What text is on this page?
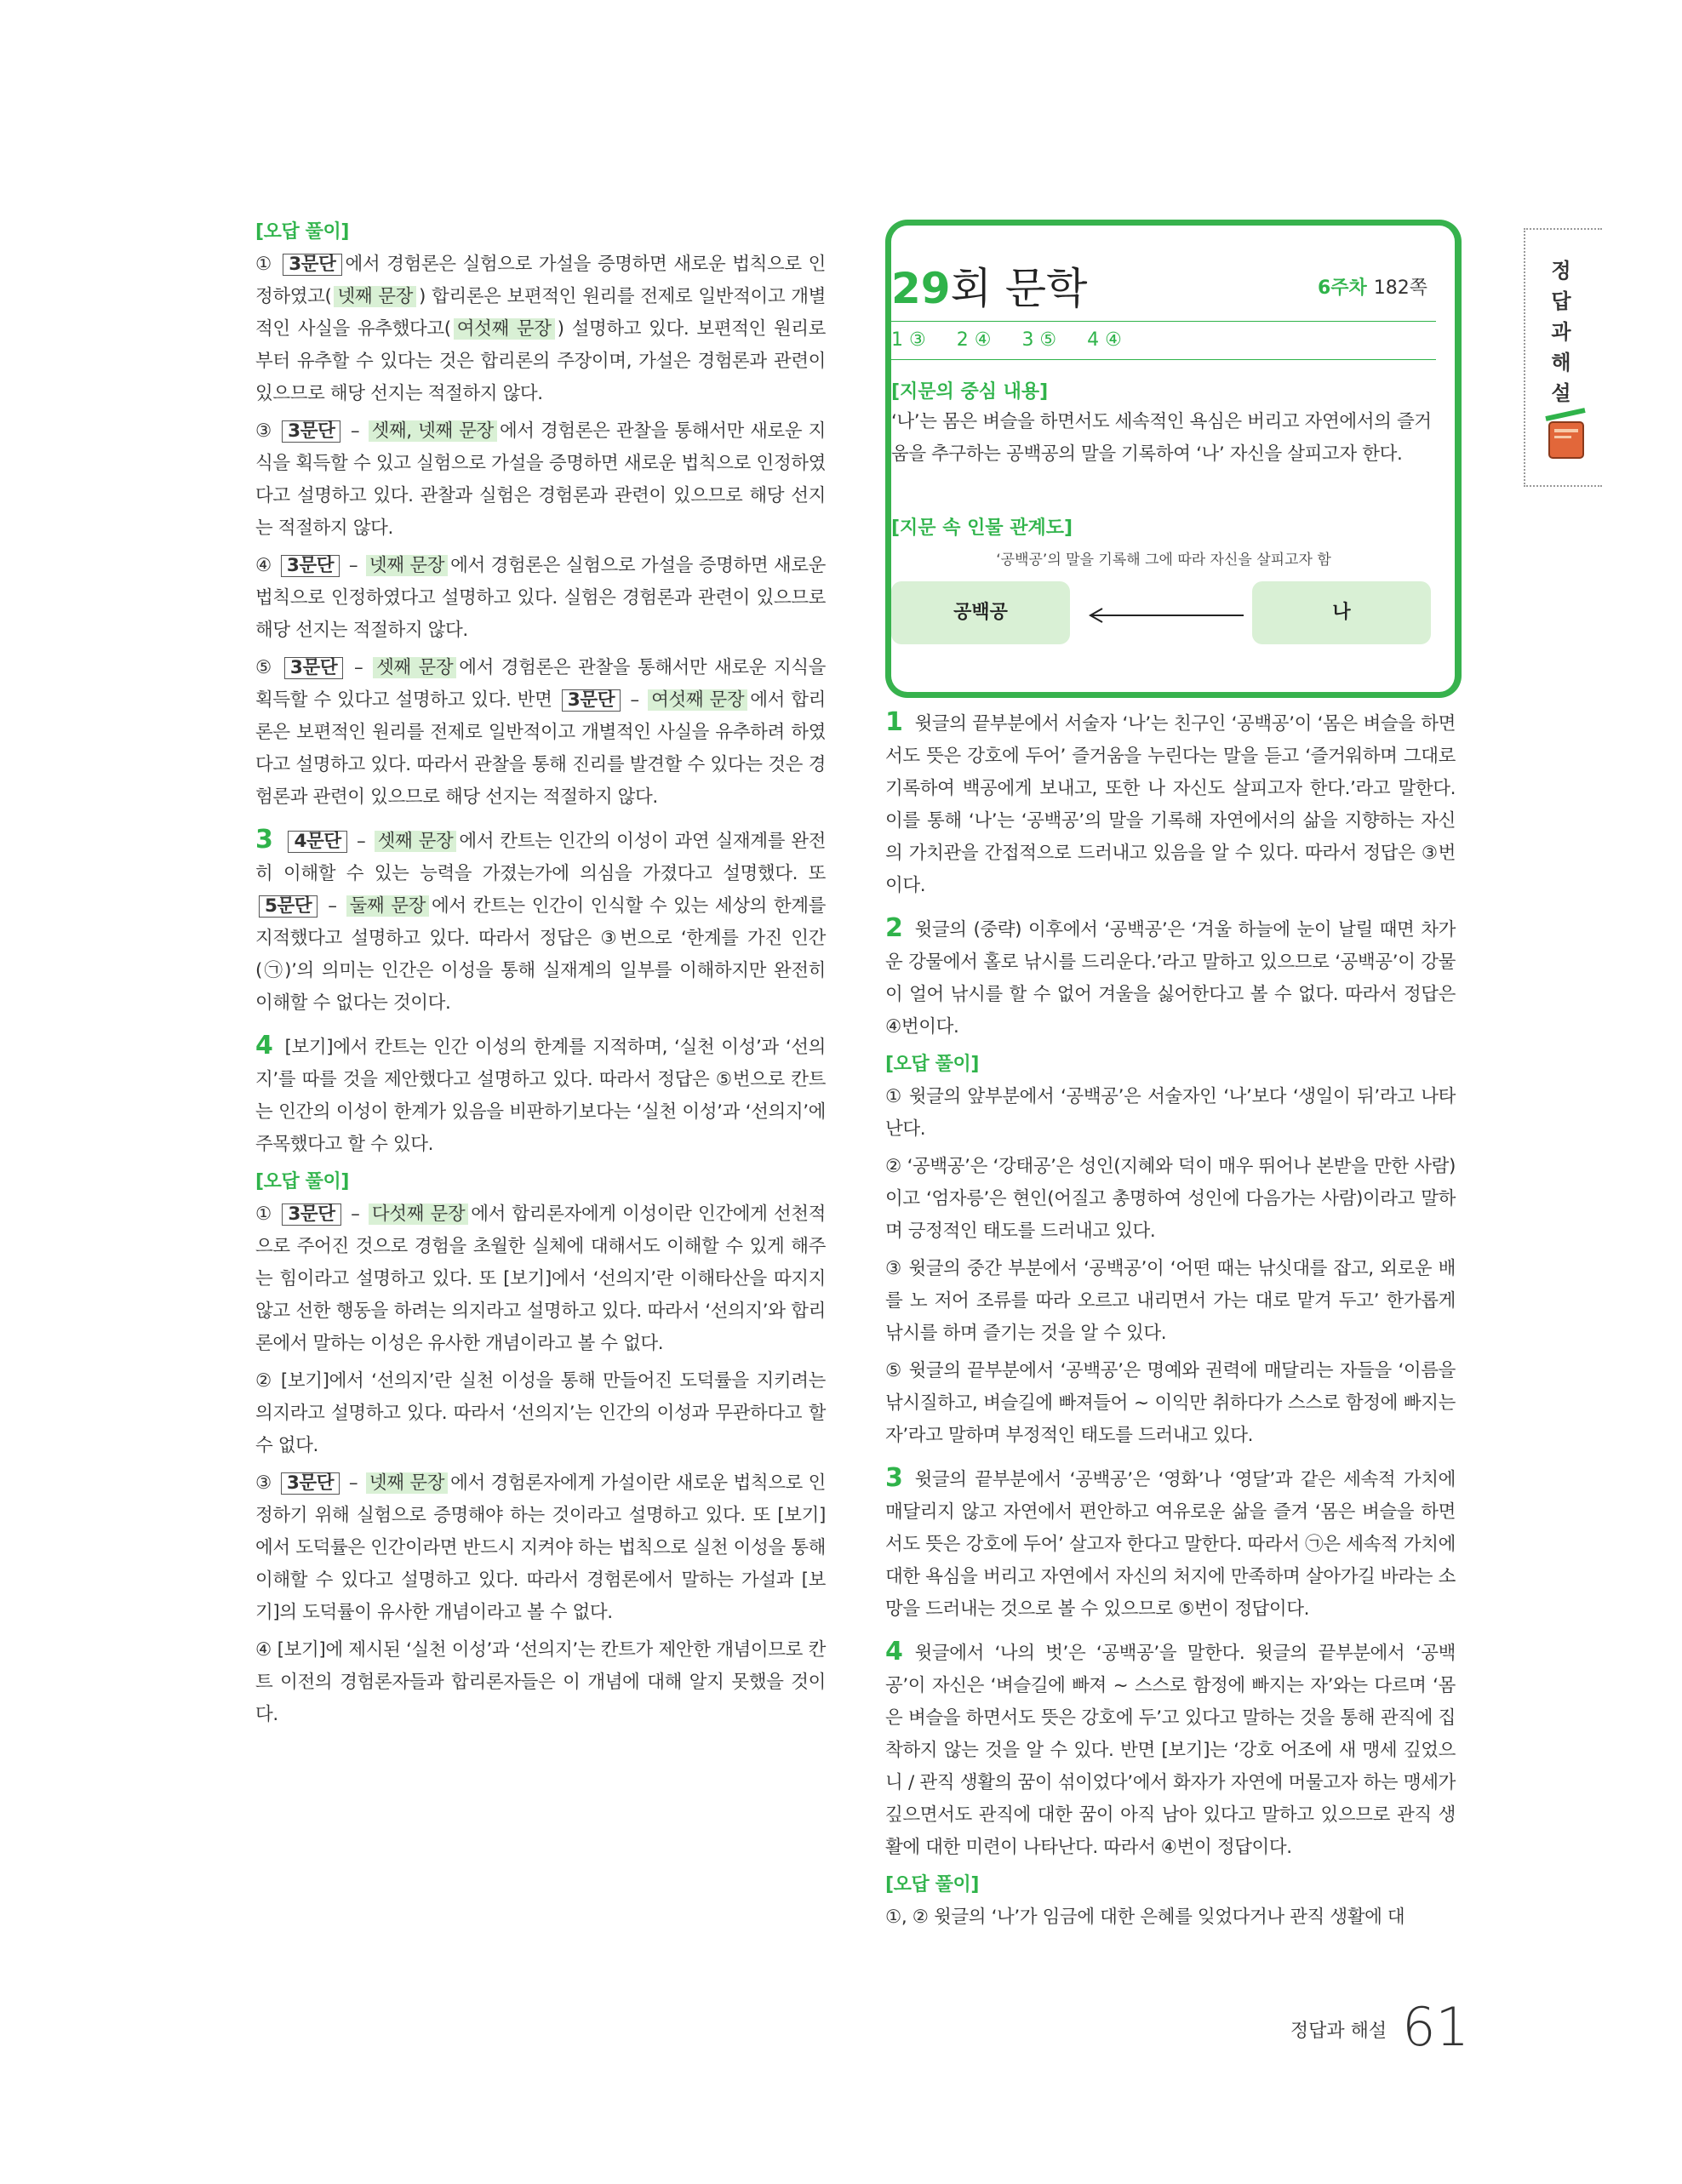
[오답 풀이]

① 3문단 에서 경험론은 실험으로 가설을 증명하면 새로운 법칙으로 인정하였고( 넷째 문장 ) 합리론은 보편적인 원리를 전제로 일반적이고 개별적인 사실을 유추했다고( 여섯째 문장 ) 설명하고 있다. 보편적인 원리로부터 유추할 수 있다는 것은 합리론의 주장이며, 가설은 경험론과 관련이 있으므로 해당 선지는 적절하지 않다.

③ 3문단 – 셋째, 넷째 문장 에서 경험론은 관찰을 통해서만 새로운 지식을 획득할 수 있고 실험으로 가설을 증명하면 새로운 법칙으로 인정하였다고 설명하고 있다. 관찰과 실험은 경험론과 관련이 있으므로 해당 선지는 적절하지 않다.

④ 3문단 – 넷째 문장 에서 경험론은 실험으로 가설을 증명하면 새로운 법칙으로 인정하였다고 설명하고 있다. 실험은 경험론과 관련이 있으므로 해당 선지는 적절하지 않다.

⑤ 3문단 – 셋째 문장 에서 경험론은 관찰을 통해서만 새로운 지식을 획득할 수 있다고 설명하고 있다. 반면 3문단 – 여섯째 문장 에서 합리론은 보편적인 원리를 전제로 일반적이고 개별적인 사실을 유추하려 하였다고 설명하고 있다. 따라서 관찰을 통해 진리를 발견할 수 있다는 것은 경험론과 관련이 있으므로 해당 선지는 적절하지 않다.

3 4문단 – 셋째 문장 에서 칸트는 인간의 이성이 과연 실재계를 완전히 이해할 수 있는 능력을 가졌는가에 의심을 가졌다고 설명했다. 또 5문단 – 둘째 문장 에서 칸트는 인간이 인식할 수 있는 세상의 한계를 지적했다고 설명하고 있다. 따라서 정답은 ③번으로 ‘한계를 가진 인간(㉠)’의 의미는 인간은 이성을 통해 실재계의 일부를 이해하지만 완전히 이해할 수 없다는 것이다.

4 [보기]에서 칸트는 인간 이성의 한계를 지적하며, ‘실천 이성’과 ‘선의지’를 따를 것을 제안했다고 설명하고 있다. 따라서 정답은 ⑤번으로 칸트는 인간의 이성이 한계가 있음을 비판하기보다는 ‘실천 이성’과 ‘선의지’에 주목했다고 할 수 있다.

[오답 풀이]

① 3문단 – 다섯째 문장 에서 합리론자에게 이성이란 인간에게 선천적으로 주어진 것으로 경험을 초월한 실체에 대해서도 이해할 수 있게 해주는 힘이라고 설명하고 있다. 또 [보기]에서 ‘선의지’란 이해타산을 따지지 않고 선한 행동을 하려는 의지라고 설명하고 있다. 따라서 ‘선의지’와 합리론에서 말하는 이성은 유사한 개념이라고 볼 수 없다.

② [보기]에서 ‘선의지’란 실천 이성을 통해 만들어진 도덕률을 지키려는 의지라고 설명하고 있다. 따라서 ‘선의지’는 인간의 이성과 무관하다고 할 수 없다.

③ 3문단 – 넷째 문장 에서 경험론자에게 가설이란 새로운 법칙으로 인정하기 위해 실험으로 증명해야 하는 것이라고 설명하고 있다. 또 [보기]에서 도덕률은 인간이라면 반드시 지켜야 하는 법칙으로 실천 이성을 통해 이해할 수 있다고 설명하고 있다. 따라서 경험론에서 말하는 가설과 [보기]의 도덕률이 유사한 개념이라고 볼 수 없다.

④ [보기]에 제시된 ‘실천 이성’과 ‘선의지’는 칸트가 제안한 개념이므로 칸트 이전의 경험론자들과 합리론자들은 이 개념에 대해 알지 못했을 것이다.

29회 문학	6주차 182쪽
1 ③ 2 ④ 3 ⑤ 4 ④
[지문의 중심 내용]
‘나’는 몸은 벼슬을 하면서도 세속적인 욕심은 버리고 자연에서의 즐거움을 추구하는 공백공의 말을 기록하여 ‘나’ 자신을 살피고자 한다.
[지문 속 인물 관계도]
‘공백공’의 말을 기록해 그에 따라 자신을 살피고자 함
공백공	나

1 윗글의 끝부분에서 서술자 ‘나’는 친구인 ‘공백공’이 ‘몸은 벼슬을 하면서도 뜻은 강호에 두어’ 즐거움을 누린다는 말을 듣고 ‘즐거워하며 그대로 기록하여 백공에게 보내고, 또한 나 자신도 살피고자 한다.’라고 말한다. 이를 통해 ‘나’는 ‘공백공’의 말을 기록해 자연에서의 삶을 지향하는 자신의 가치관을 간접적으로 드러내고 있음을 알 수 있다. 따라서 정답은 ③번이다.

2 윗글의 (중략) 이후에서 ‘공백공’은 ‘겨울 하늘에 눈이 날릴 때면 차가운 강물에서 홀로 낚시를 드리운다.’라고 말하고 있으므로 ‘공백공’이 강물이 얼어 낚시를 할 수 없어 겨울을 싫어한다고 볼 수 없다. 따라서 정답은 ④번이다.

[오답 풀이]

① 윗글의 앞부분에서 ‘공백공’은 서술자인 ‘나’보다 ‘생일이 뒤’라고 나타난다.

② ‘공백공’은 ‘강태공’은 성인(지혜와 덕이 매우 뛰어나 본받을 만한 사람)이고 ‘엄자릉’은 현인(어질고 총명하여 성인에 다음가는 사람)이라고 말하며 긍정적인 태도를 드러내고 있다.

③ 윗글의 중간 부분에서 ‘공백공’이 ‘어떤 때는 낚싯대를 잡고, 외로운 배를 노 저어 조류를 따라 오르고 내리면서 가는 대로 맡겨 두고’ 한가롭게 낚시를 하며 즐기는 것을 알 수 있다.

⑤ 윗글의 끝부분에서 ‘공백공’은 명예와 권력에 매달리는 자들을 ‘이름을 낚시질하고, 벼슬길에 빠져들어 ~ 이익만 취하다가 스스로 함정에 빠지는 자’라고 말하며 부정적인 태도를 드러내고 있다.

3 윗글의 끝부분에서 ‘공백공’은 ‘영화’나 ‘영달’과 같은 세속적 가치에 매달리지 않고 자연에서 편안하고 여유로운 삶을 즐겨 ‘몸은 벼슬을 하면서도 뜻은 강호에 두어’ 살고자 한다고 말한다. 따라서 ㉠은 세속적 가치에 대한 욕심을 버리고 자연에서 자신의 처지에 만족하며 살아가길 바라는 소망을 드러내는 것으로 볼 수 있으므로 ⑤번이 정답이다.

4 윗글에서 ‘나의 벗’은 ‘공백공’을 말한다. 윗글의 끝부분에서 ‘공백공’이 자신은 ‘벼슬길에 빠져 ~ 스스로 함정에 빠지는 자’와는 다르며 ‘몸은 벼슬을 하면서도 뜻은 강호에 두’고 있다고 말하는 것을 통해 관직에 집착하지 않는 것을 알 수 있다. 반면 [보기]는 ‘강호 어조에 새 맹세 깊었으니 / 관직 생활의 꿈이 섞이었다’에서 화자가 자연에 머물고자 하는 맹세가 깊으면서도 관직에 대한 꿈이 아직 남아 있다고 말하고 있으므로 관직 생활에 대한 미련이 나타난다. 따라서 ④번이 정답이다.

[오답 풀이]

①, ② 윗글의 ‘나’가 임금에 대한 은혜를 잊었다거나 관직 생활에 대

정
답
과
해
설
정답과 해설 61
